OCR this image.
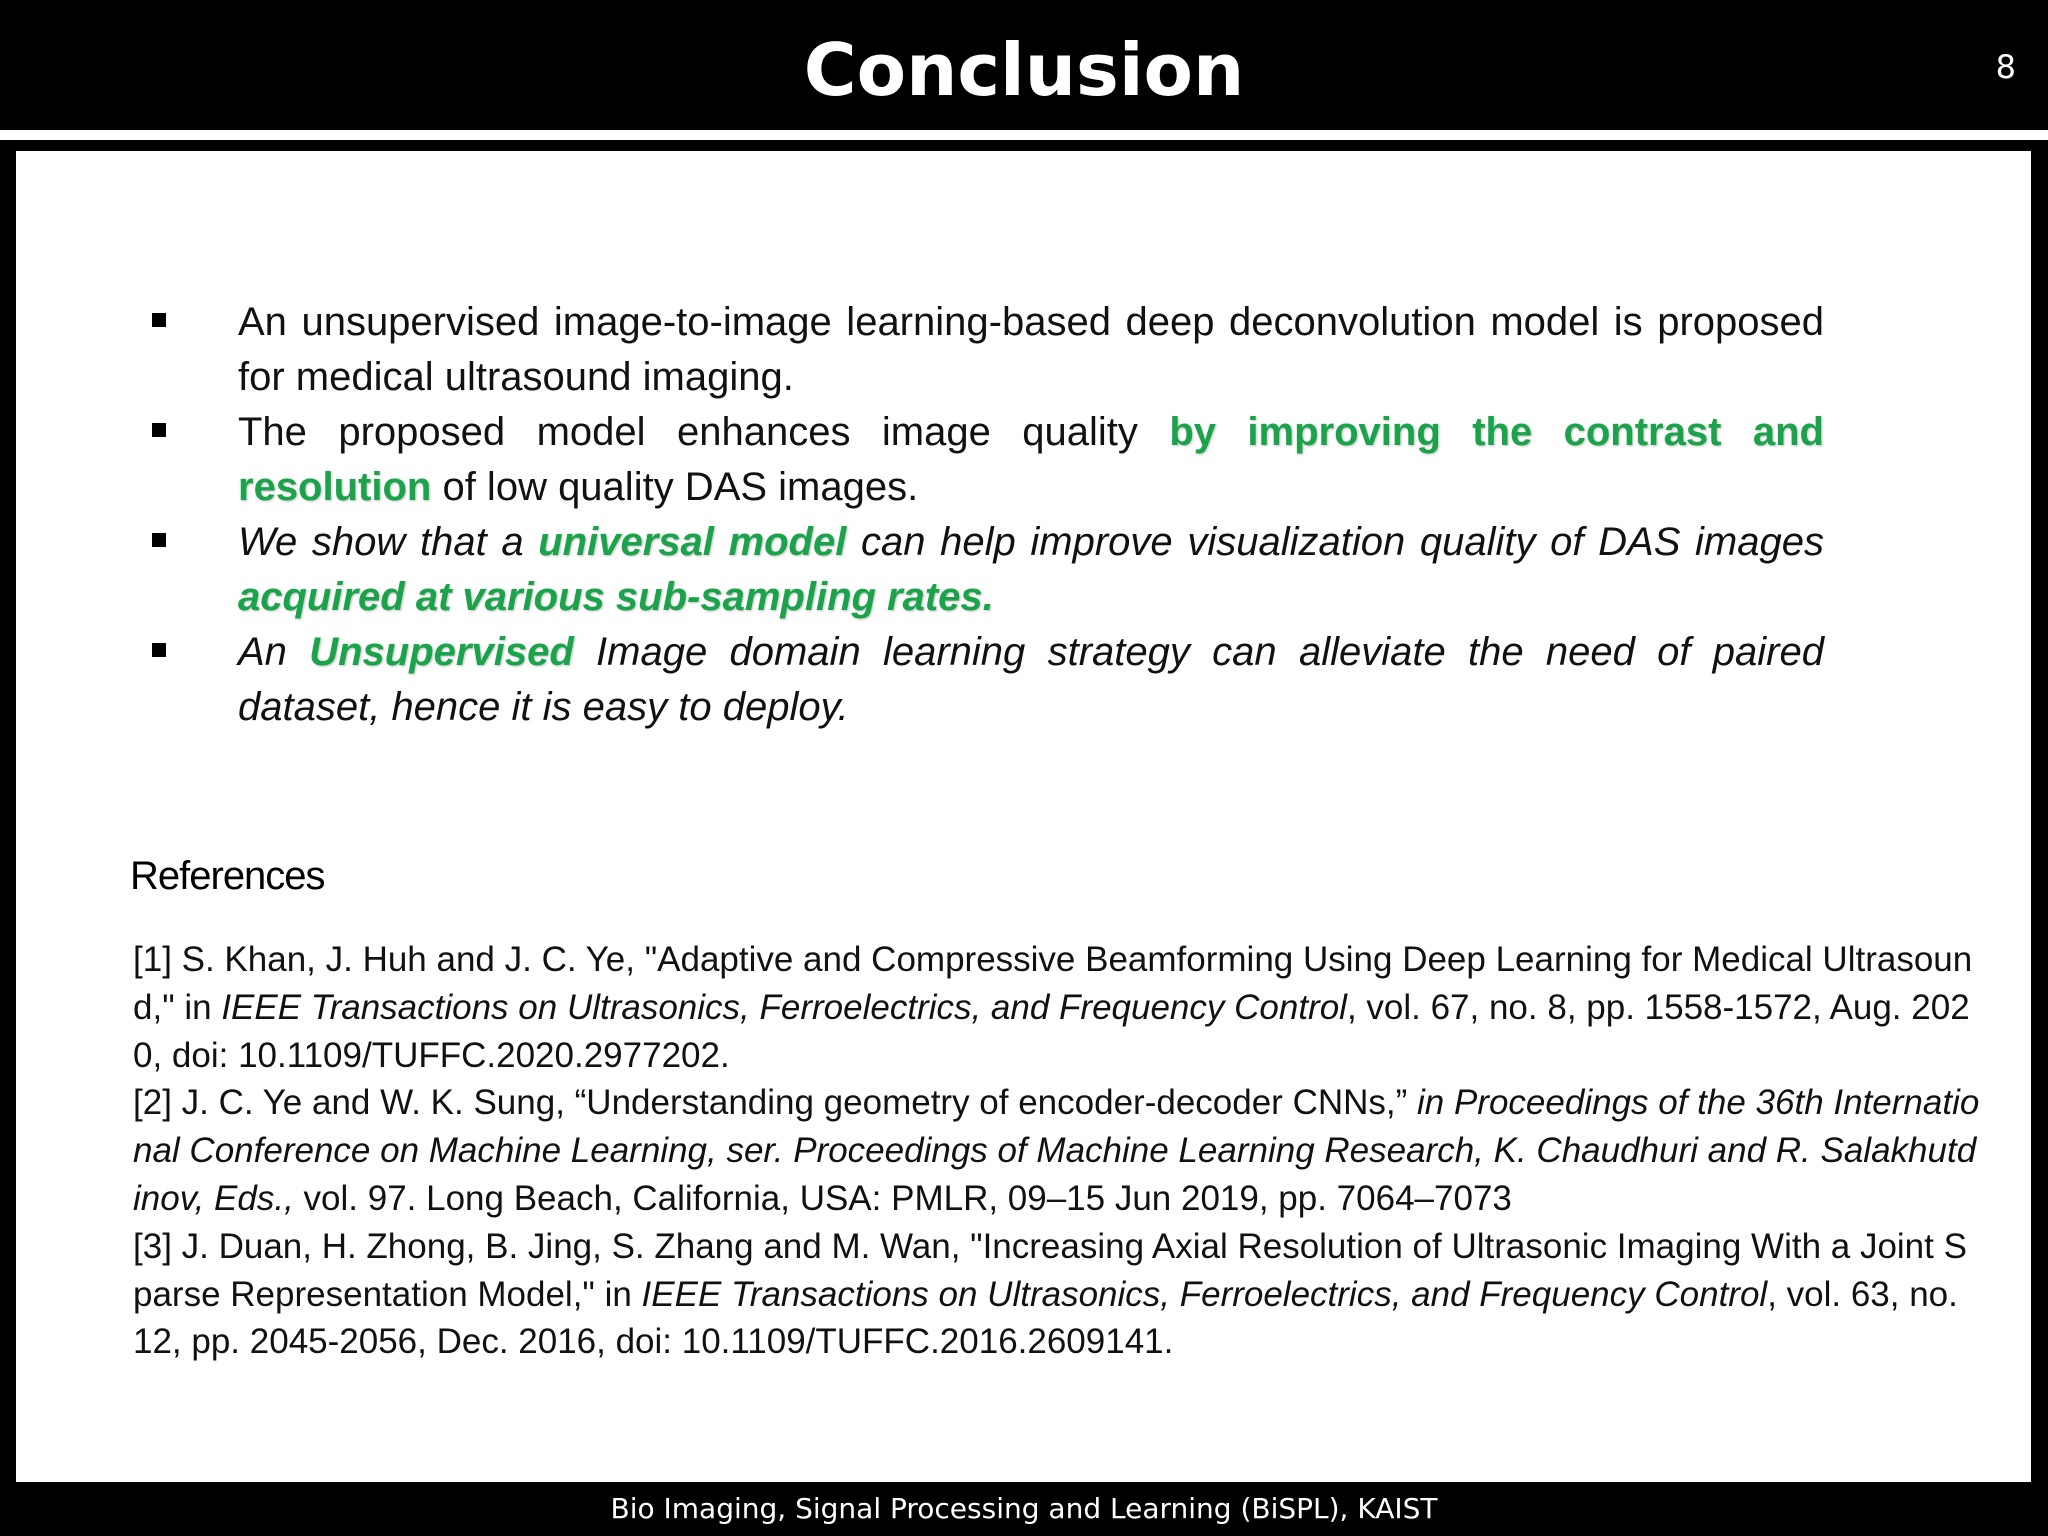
Conclusion	8
An unsupervised image-to-image learning-based deep deconvolution model is proposed for medical ultrasound imaging.
The proposed model enhances image quality by improving the contrast and resolution of low quality DAS images.
We show that a universal model can help improve visualization quality of DAS images acquired at various sub-sampling rates.
An Unsupervised Image domain learning strategy can alleviate the need of paired dataset, hence it is easy to deploy.
References

[1] S. Khan, J. Huh and J. C. Ye, "Adaptive and Compressive Beamforming Using Deep Learning for Medical Ultrasound," in IEEE Transactions on Ultrasonics, Ferroelectrics, and Frequency Control, vol. 67, no. 8, pp. 1558-1572, Aug. 2020, doi: 10.1109/TUFFC.2020.2977202.

[2] J. C. Ye and W. K. Sung, “Understanding geometry of encoder-decoder CNNs,” in Proceedings of the 36th International Conference on Machine Learning, ser. Proceedings of Machine Learning Research, K. Chaudhuri and R. Salakhutdinov, Eds., vol. 97. Long Beach, California, USA: PMLR, 09–15 Jun 2019, pp. 7064–7073

[3] J. Duan, H. Zhong, B. Jing, S. Zhang and M. Wan, "Increasing Axial Resolution of Ultrasonic Imaging With a Joint Sparse Representation Model," in IEEE Transactions on Ultrasonics, Ferroelectrics, and Frequency Control, vol. 63, no. 12, pp. 2045-2056, Dec. 2016, doi: 10.1109/TUFFC.2016.2609141.

Bio Imaging, Signal Processing and Learning (BiSPL), KAIST
